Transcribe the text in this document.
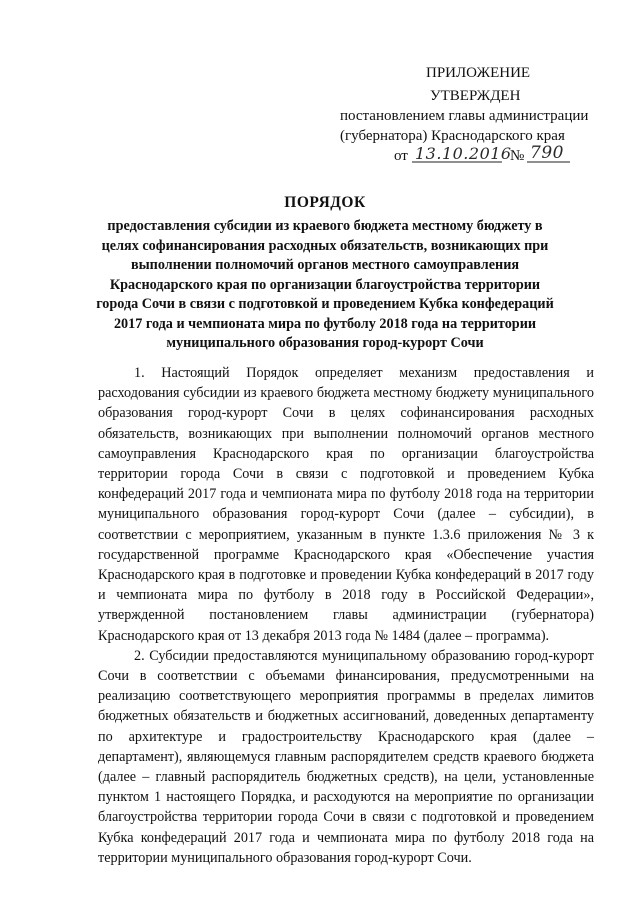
ПРИЛОЖЕНИЕ
УТВЕРЖДЕН
постановлением главы администрации
(губернатора) Краснодарского края
от 13.10.2016
№ 790
ПОРЯДОК

предоставления субсидии из краевого бюджета местному бюджету в

целях софинансирования расходных обязательств, возникающих при

выполнении полномочий органов местного самоуправления

Краснодарского края по организации благоустройства территории

города Сочи в связи с подготовкой и проведением Кубка конфедераций

2017 года и чемпионата мира по футболу 2018 года на территории

муниципального образования город-курорт Сочи

1. Настоящий Порядок определяет механизм предоставления и расходования субсидии из краевого бюджета местному бюджету муниципального образования город-курорт Сочи в целях софинансирования расходных обязательств, возникающих при выполнении полномочий органов местного самоуправления Краснодарского края по организации благоустройства территории города Сочи в связи с подготовкой и проведением Кубка конфедераций 2017 года и чемпионата мира по футболу 2018 года на территории муниципального образования город-курорт Сочи (далее – субсидии), в соответствии с мероприятием, указанным в пункте 1.3.6 приложения № 3 к государственной программе Краснодарского края «Обеспечение участия Краснодарского края в подготовке и проведении Кубка конфедераций в 2017 году и чемпионата мира по футболу в 2018 году в Российской Федерации», утвержденной постановлением главы администрации (губернатора) Краснодарского края от 13 декабря 2013 года № 1484 (далее – программа).

2. Субсидии предоставляются муниципальному образованию город-курорт Сочи в соответствии с объемами финансирования, предусмотренными на реализацию соответствующего мероприятия программы в пределах лимитов бюджетных обязательств и бюджетных ассигнований, доведенных департаменту по архитектуре и градостроительству Краснодарского края (далее – департамент), являющемуся главным распорядителем средств краевого бюджета (далее – главный распорядитель бюджетных средств), на цели, установленные пунктом 1 настоящего Порядка, и расходуются на мероприятие по организации благоустройства территории города Сочи в связи с подготовкой и проведением Кубка конфедераций 2017 года и чемпионата мира по футболу 2018 года на территории муниципального образования город-курорт Сочи.
